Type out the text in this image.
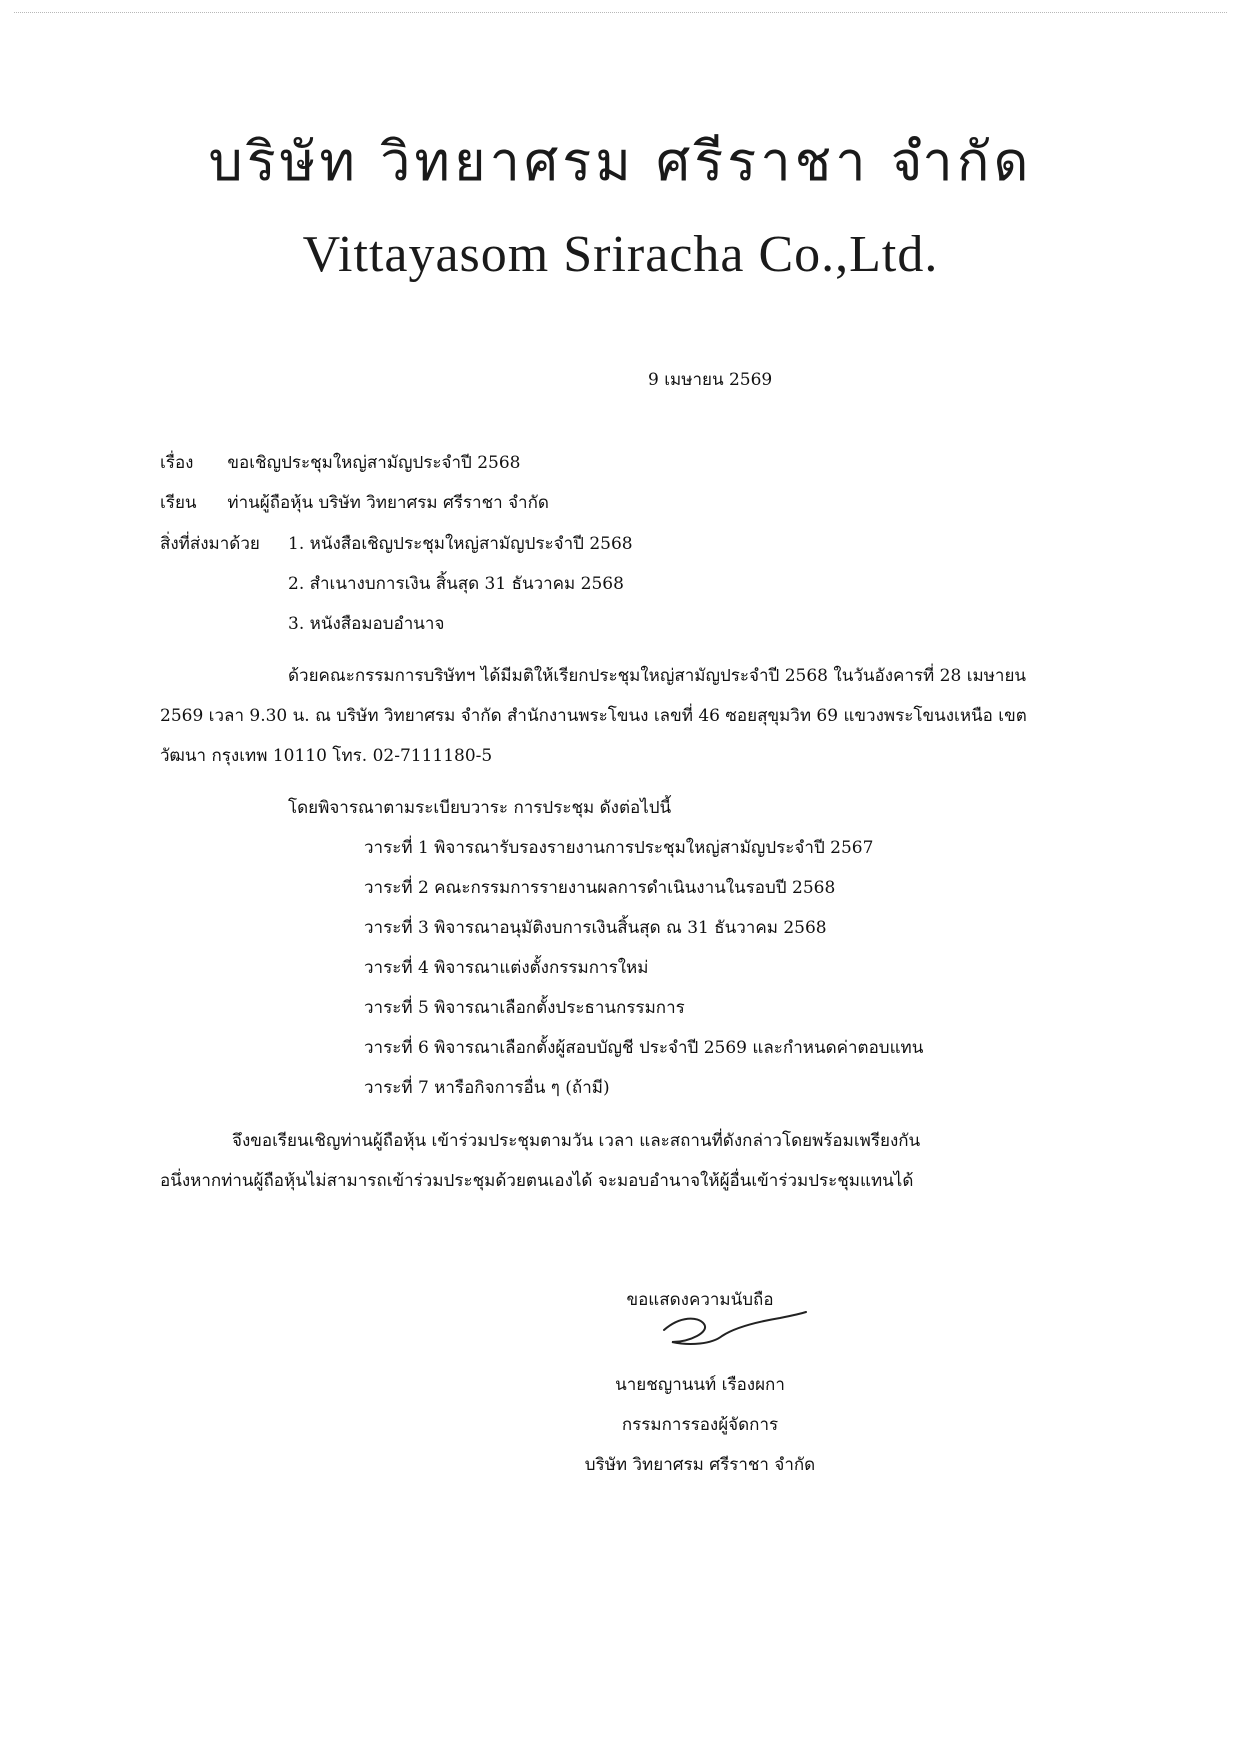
บริษัท วิทยาศรม ศรีราชา จำกัด
Vittayasom Sriracha Co.,Ltd.
9 เมษายน 2569
เรื่อง ขอเชิญประชุมใหญ่สามัญประจำปี 2568
เรียน ท่านผู้ถือหุ้น บริษัท วิทยาศรม ศรีราชา จำกัด
สิ่งที่ส่งมาด้วย 1. หนังสือเชิญประชุมใหญ่สามัญประจำปี 2568
2. สำเนางบการเงิน สิ้นสุด 31 ธันวาคม 2568
3. หนังสือมอบอำนาจ
ด้วยคณะกรรมการบริษัทฯ ได้มีมติให้เรียกประชุมใหญ่สามัญประจำปี 2568 ในวันอังคารที่ 28 เมษายน
2569 เวลา 9.30 น. ณ บริษัท วิทยาศรม จำกัด สำนักงานพระโขนง เลขที่ 46 ซอยสุขุมวิท 69 แขวงพระโขนงเหนือ เขต
วัฒนา กรุงเทพ 10110 โทร. 02-7111180-5
โดยพิจารณาตามระเบียบวาระ การประชุม ดังต่อไปนี้
วาระที่ 1 พิจารณารับรองรายงานการประชุมใหญ่สามัญประจำปี 2567
วาระที่ 2 คณะกรรมการรายงานผลการดำเนินงานในรอบปี 2568
วาระที่ 3 พิจารณาอนุมัติงบการเงินสิ้นสุด ณ 31 ธันวาคม 2568
วาระที่ 4 พิจารณาแต่งตั้งกรรมการใหม่
วาระที่ 5 พิจารณาเลือกตั้งประธานกรรมการ
วาระที่ 6 พิจารณาเลือกตั้งผู้สอบบัญชี ประจำปี 2569 และกำหนดค่าตอบแทน
วาระที่ 7 หารือกิจการอื่น ๆ (ถ้ามี)
จึงขอเรียนเชิญท่านผู้ถือหุ้น เข้าร่วมประชุมตามวัน เวลา และสถานที่ดังกล่าวโดยพร้อมเพรียงกัน
อนึ่งหากท่านผู้ถือหุ้นไม่สามารถเข้าร่วมประชุมด้วยตนเองได้ จะมอบอำนาจให้ผู้อื่นเข้าร่วมประชุมแทนได้
ขอแสดงความนับถือ
นายชญานนท์ เรืองผกา
กรรมการรองผู้จัดการ
บริษัท วิทยาศรม ศรีราชา จำกัด
